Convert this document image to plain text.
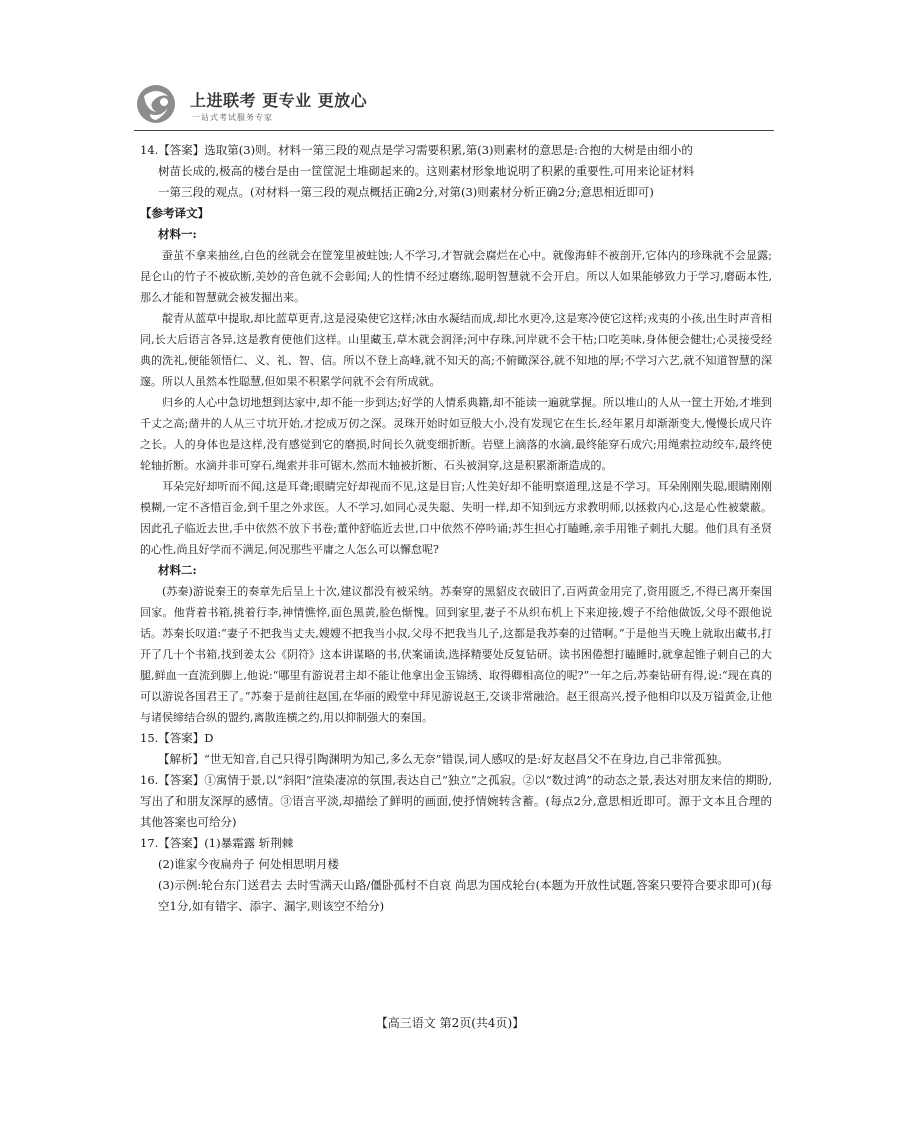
上进联考 更专业 更放心
一站式考试服务专家

14.【答案】选取第(3)则。材料一第三段的观点是学习需要积累,第(3)则素材的意思是:合抱的大树是由细小的

树苗长成的,极高的楼台是由一筐筐泥土堆砌起来的。这则素材形象地说明了积累的重要性,可用来论证材料

一第三段的观点。(对材料一第三段的观点概括正确2分,对第(3)则素材分析正确2分;意思相近即可)

【参考译文】

材料一:

蚕茧不拿来抽丝,白色的丝就会在筐笼里被蛀蚀;人不学习,才智就会腐烂在心中。就像海蚌不被剖开,它体内的珍珠就不会显露;昆仑山的竹子不被砍断,美妙的音色就不会彰闻;人的性情不经过磨练,聪明智慧就不会开启。所以人如果能够致力于学习,磨砺本性,那么才能和智慧就会被发掘出来。

靛青从蓝草中提取,却比蓝草更青,这是浸染使它这样;冰由水凝结而成,却比水更冷,这是寒冷使它这样;戎夷的小孩,出生时声音相同,长大后语言各异,这是教育使他们这样。山里藏玉,草木就会润泽;河中存珠,河岸就不会干枯;口吃美味,身体便会健壮;心灵接受经典的洗礼,便能领悟仁、义、礼、智、信。所以不登上高峰,就不知天的高;不俯瞰深谷,就不知地的厚;不学习六艺,就不知道智慧的深邃。所以人虽然本性聪慧,但如果不积累学问就不会有所成就。

归乡的人心中急切地想到达家中,却不能一步到达;好学的人情系典籍,却不能读一遍就掌握。所以堆山的人从一筐土开始,才堆到千丈之高;凿井的人从三寸坑开始,才挖成万仞之深。灵珠开始时如豆般大小,没有发现它在生长,经年累月却渐渐变大,慢慢长成尺许之长。人的身体也是这样,没有感觉到它的磨损,时间长久就变细折断。岩壁上滴落的水滴,最终能穿石成穴;用绳索拉动绞车,最终使轮轴折断。水滴并非可穿石,绳索并非可锯木,然而木轴被折断、石头被洞穿,这是积累渐渐造成的。

耳朵完好却听而不闻,这是耳聋;眼睛完好却视而不见,这是目盲;人性美好却不能明察道理,这是不学习。耳朵刚刚失聪,眼睛刚刚模糊,一定不吝惜百金,到千里之外求医。人不学习,如同心灵失聪、失明一样,却不知到远方求教明师,以拯救内心,这是心性被蒙蔽。因此孔子临近去世,手中依然不放下书卷;董仲舒临近去世,口中依然不停吟诵;苏生担心打瞌睡,亲手用锥子刺扎大腿。他们具有圣贤的心性,尚且好学而不满足,何况那些平庸之人怎么可以懈怠呢?

材料二:

(苏秦)游说秦王的奏章先后呈上十次,建议都没有被采纳。苏秦穿的黑貂皮衣破旧了,百两黄金用完了,资用匮乏,不得已离开秦国回家。他背着书箱,挑着行李,神情憔悴,面色黑黄,脸色惭愧。回到家里,妻子不从织布机上下来迎接,嫂子不给他做饭,父母不跟他说话。苏秦长叹道:“妻子不把我当丈夫,嫂嫂不把我当小叔,父母不把我当儿子,这都是我苏秦的过错啊。”于是他当天晚上就取出藏书,打开了几十个书箱,找到姜太公《阴符》这本讲谋略的书,伏案诵读,选择精要处反复钻研。读书困倦想打瞌睡时,就拿起锥子刺自己的大腿,鲜血一直流到脚上,他说:“哪里有游说君主却不能让他拿出金玉锦绣、取得卿相高位的呢?”一年之后,苏秦钻研有得,说:“现在真的可以游说各国君王了。”苏秦于是前往赵国,在华丽的殿堂中拜见游说赵王,交谈非常融洽。赵王很高兴,授予他相印以及万镒黄金,让他与诸侯缔结合纵的盟约,离散连横之约,用以抑制强大的秦国。

15.【答案】D

【解析】“世无知音,自己只得引陶渊明为知己,多么无奈”错误,词人感叹的是:好友赵昌父不在身边,自己非常孤独。

16.【答案】①寓情于景,以“斜阳”渲染凄凉的氛围,表达自己“独立”之孤寂。②以“数过鸿”的动态之景,表达对朋友来信的期盼,写出了和朋友深厚的感情。③语言平淡,却描绘了鲜明的画面,使抒情婉转含蓄。(每点2分,意思相近即可。源于文本且合理的其他答案也可给分)

17.【答案】(1)暴霜露 斩荆棘

(2)谁家今夜扁舟子 何处相思明月楼

(3)示例:轮台东门送君去 去时雪满天山路/僵卧孤村不自哀 尚思为国戍轮台(本题为开放性试题,答案只要符合要求即可)(每空1分,如有错字、添字、漏字,则该空不给分)

【高三语文 第2页(共4页)】
